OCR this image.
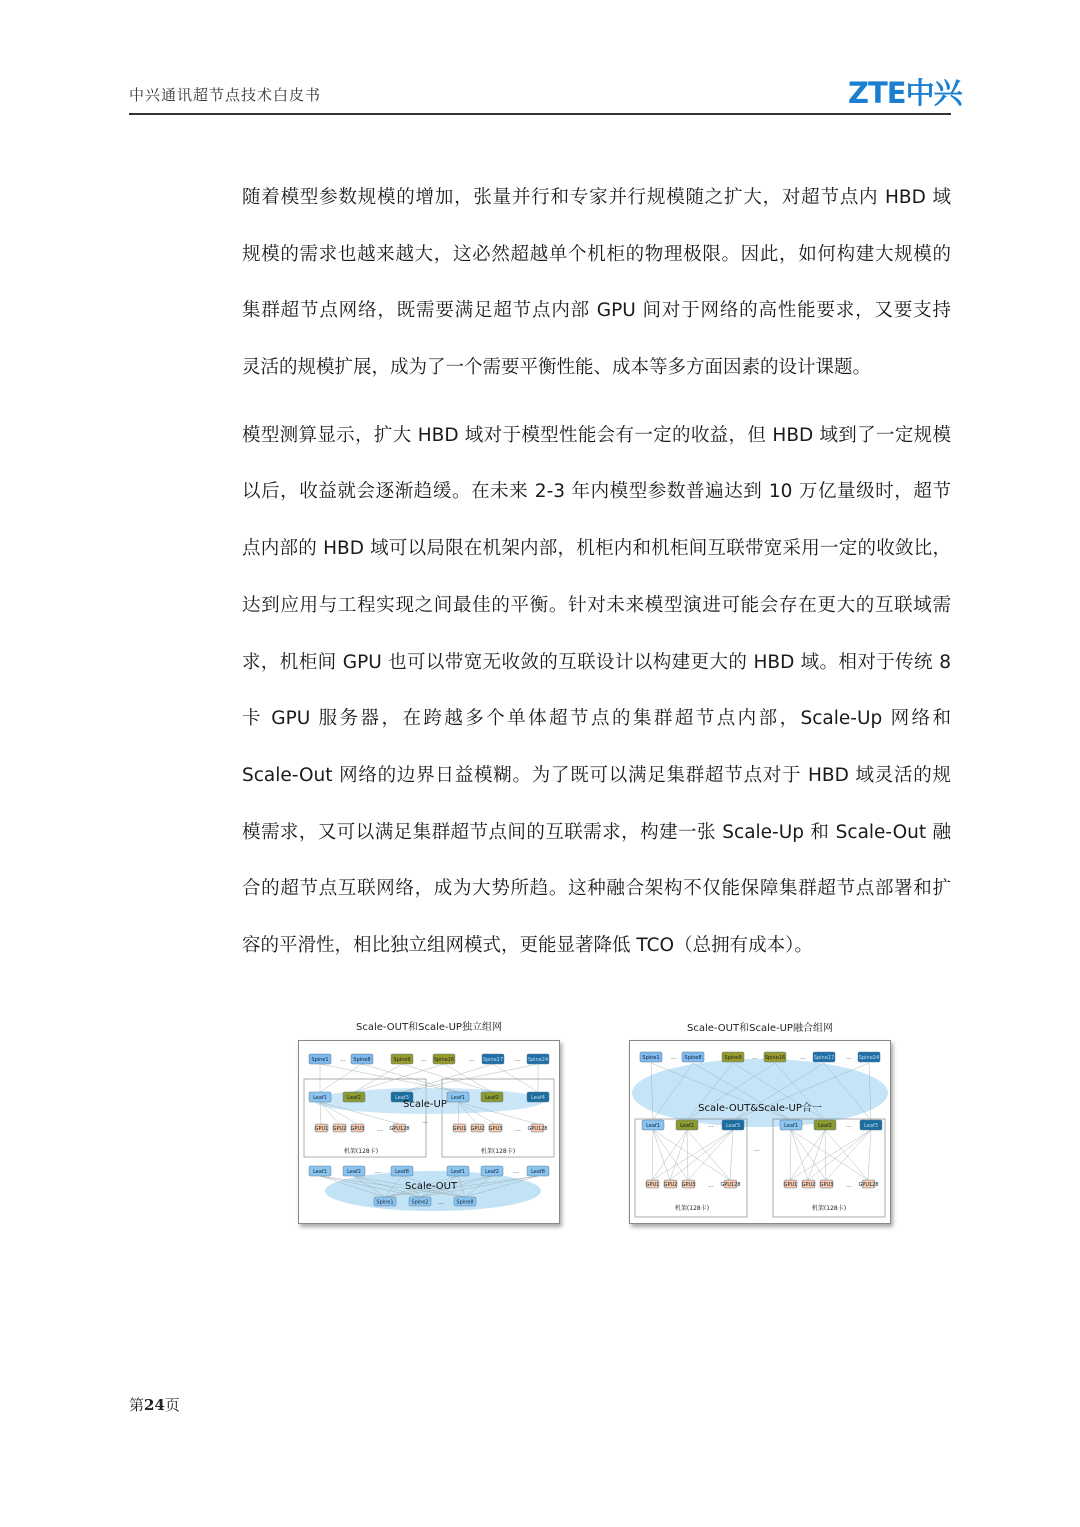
中兴通讯超节点技术白皮书	ZTE中兴
随着模型参数规模的增加，张量并行和专家并行规模随之扩大，对超节点内 HBD 域
规模的需求也越来越大，这必然超越单个机柜的物理极限。因此，如何构建大规模的
集群超节点网络，既需要满足超节点内部 GPU 间对于网络的高性能要求，又要支持
灵活的规模扩展，成为了一个需要平衡性能、成本等多方面因素的设计课题。
模型测算显示，扩大 HBD 域对于模型性能会有一定的收益，但 HBD 域到了一定规模
以后，收益就会逐渐趋缓。在未来 2-3 年内模型参数普遍达到 10 万亿量级时，超节
点内部的 HBD 域可以局限在机架内部，机柜内和机柜间互联带宽采用一定的收敛比，
达到应用与工程实现之间最佳的平衡。针对未来模型演进可能会存在更大的互联域需
求，机柜间 GPU 也可以带宽无收敛的互联设计以构建更大的 HBD 域。相对于传统 8
卡 GPU 服务器，在跨越多个单体超节点的集群超节点内部，Scale-Up 网络和
Scale-Out 网络的边界日益模糊。为了既可以满足集群超节点对于 HBD 域灵活的规
模需求，又可以满足集群超节点间的互联需求，构建一张 Scale-Up 和 Scale-Out 融
合的超节点互联网络，成为大势所趋。这种融合架构不仅能保障集群超节点部署和扩
容的平滑性，相比独立组网模式，更能显著降低 TCO（总拥有成本）。
Scale-OUT和Scale-UP独立组网
Spine1	Spine8	Spine9	Spine16	Spine17	Spine24
...	...	...	...
Leaf1	Leaf2	Leaf3	Leaf1	Leaf2	Leaf4
Scale-UP
...
GPU1 GPU2 GPU3	GPU128	GPU1 GPU2 GPU3	GPU128
...	...
机架(128卡)	机架(128卡)
Leaf1	Leaf2	Leaf8	Leaf1	Leaf2	Leaf8
...	...
Scale-OUT
Spine1	Spine2	Spine8
...
Scale-OUT和Scale-UP融合组网
Spine1	Spine8	Spine9	Spine16	Spine17	Spine24
...	...	...	...
Scale-OUT&Scale-UP合一
Leaf1	Leaf2	Leaf3	Leaf1	Leaf2	Leaf3
...	...
...
GPU1 GPU2 GPU3	GPU128	GPU1 GPU2 GPU3	GPU128
...	...
机架(128卡)	机架(128卡)
第24页
